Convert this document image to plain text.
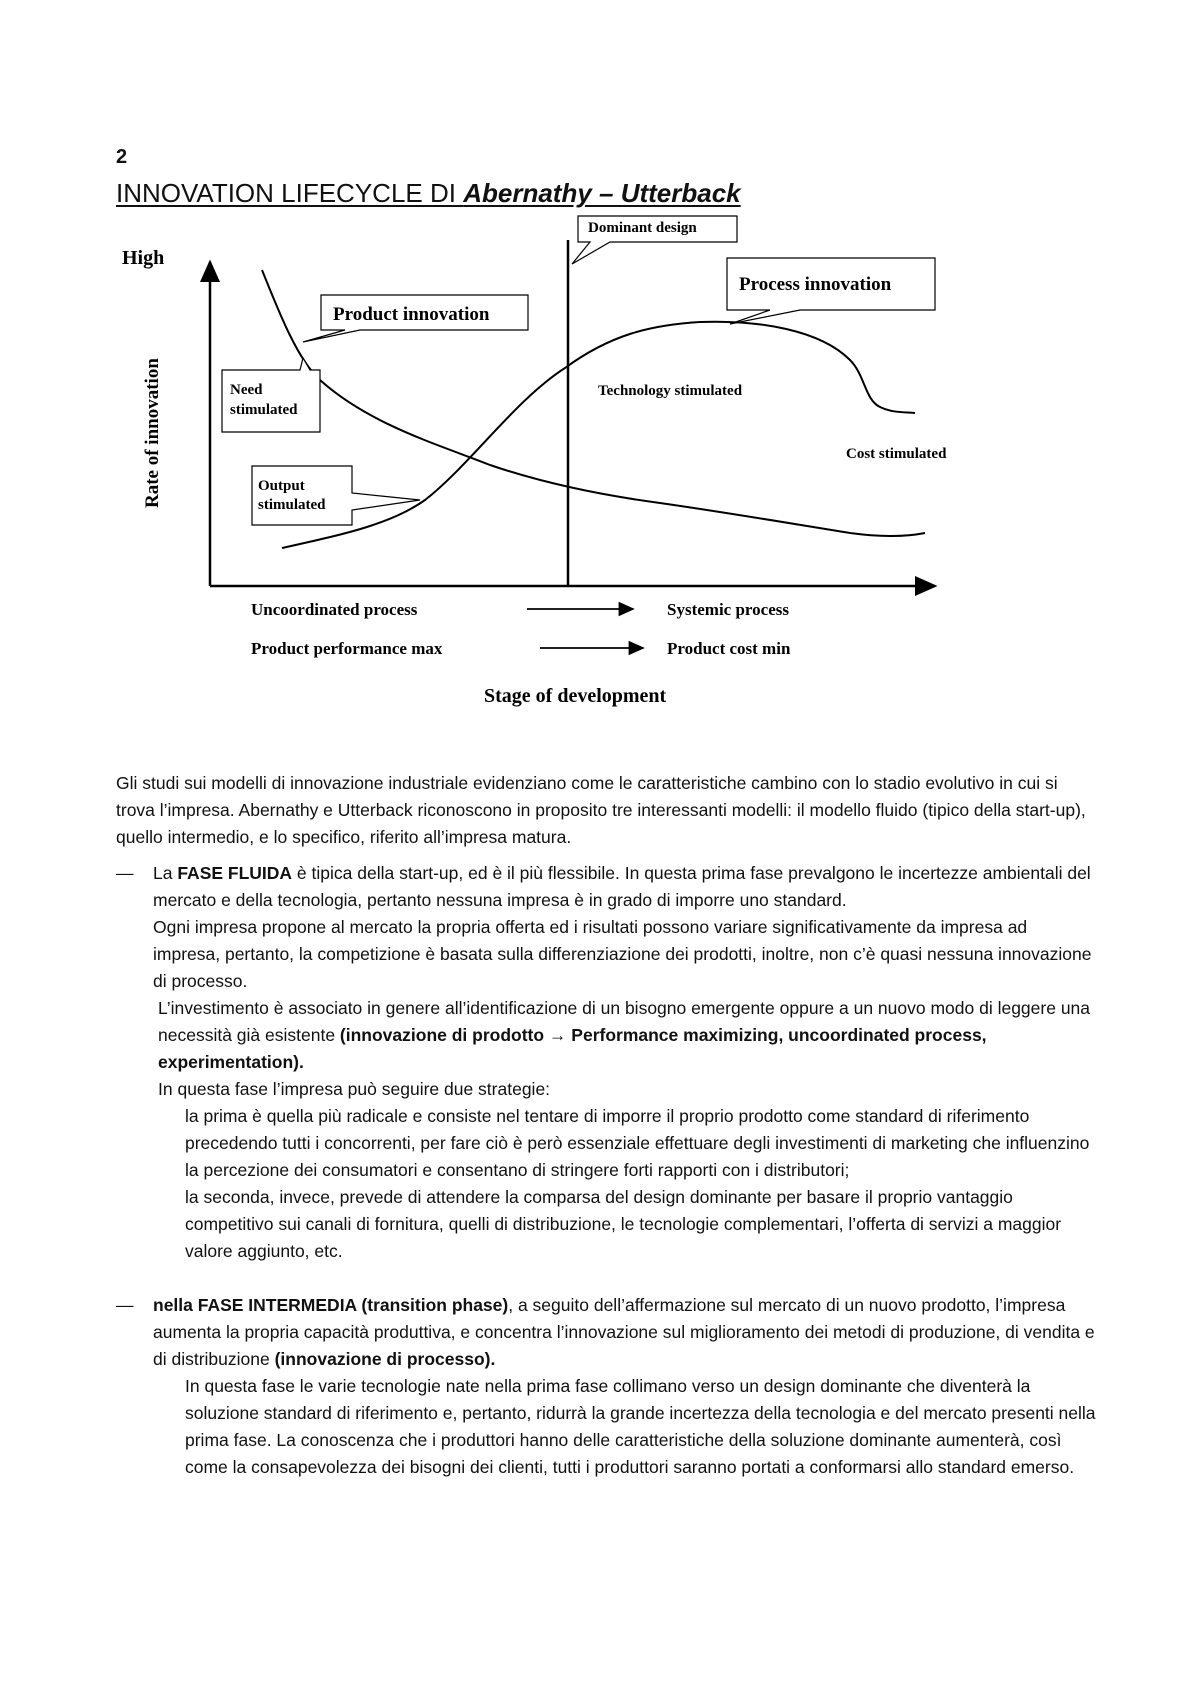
2
INNOVATION LIFECYCLE DI Abernathy – Utterback
High
Rate of innovation
Dominant design
Process innovation
Product innovation
Need
stimulated
Output
stimulated
Technology stimulated
Cost stimulated
Uncoordinated process	Systemic process
Product performance max	Product cost min
Stage of development

Gli studi sui modelli di innovazione industriale evidenziano come le caratteristiche cambino con lo stadio evolutivo in cui si trova l’impresa. Abernathy e Utterback riconoscono in proposito tre interessanti modelli: il modello fluido (tipico della start-up), quello intermedio, e lo specifico, riferito all’impresa matura.

— La FASE FLUIDA è tipica della start-up, ed è il più flessibile. In questa prima fase prevalgono le incertezze ambientali del mercato e della tecnologia, pertanto nessuna impresa è in grado di imporre uno standard.

Ogni impresa propone al mercato la propria offerta ed i risultati possono variare significativamente da impresa ad impresa, pertanto, la competizione è basata sulla differenziazione dei prodotti, inoltre, non c’è quasi nessuna innovazione di processo.

L’investimento è associato in genere all’identificazione di un bisogno emergente oppure a un nuovo modo di leggere una necessità già esistente (innovazione di prodotto → Performance maximizing, uncoordinated process, experimentation).

In questa fase l’impresa può seguire due strategie:

la prima è quella più radicale e consiste nel tentare di imporre il proprio prodotto come standard di riferimento precedendo tutti i concorrenti, per fare ciò è però essenziale effettuare degli investimenti di marketing che influenzino la percezione dei consumatori e consentano di stringere forti rapporti con i distributori;

la seconda, invece, prevede di attendere la comparsa del design dominante per basare il proprio vantaggio competitivo sui canali di fornitura, quelli di distribuzione, le tecnologie complementari, l’offerta di servizi a maggior valore aggiunto, etc.

— nella FASE INTERMEDIA (transition phase), a seguito dell’affermazione sul mercato di un nuovo prodotto, l’impresa aumenta la propria capacità produttiva, e concentra l’innovazione sul miglioramento dei metodi di produzione, di vendita e di distribuzione (innovazione di processo).

In questa fase le varie tecnologie nate nella prima fase collimano verso un design dominante che diventerà la soluzione standard di riferimento e, pertanto, ridurrà la grande incertezza della tecnologia e del mercato presenti nella prima fase. La conoscenza che i produttori hanno delle caratteristiche della soluzione dominante aumenterà, così come la consapevolezza dei bisogni dei clienti, tutti i produttori saranno portati a conformarsi allo standard emerso.
